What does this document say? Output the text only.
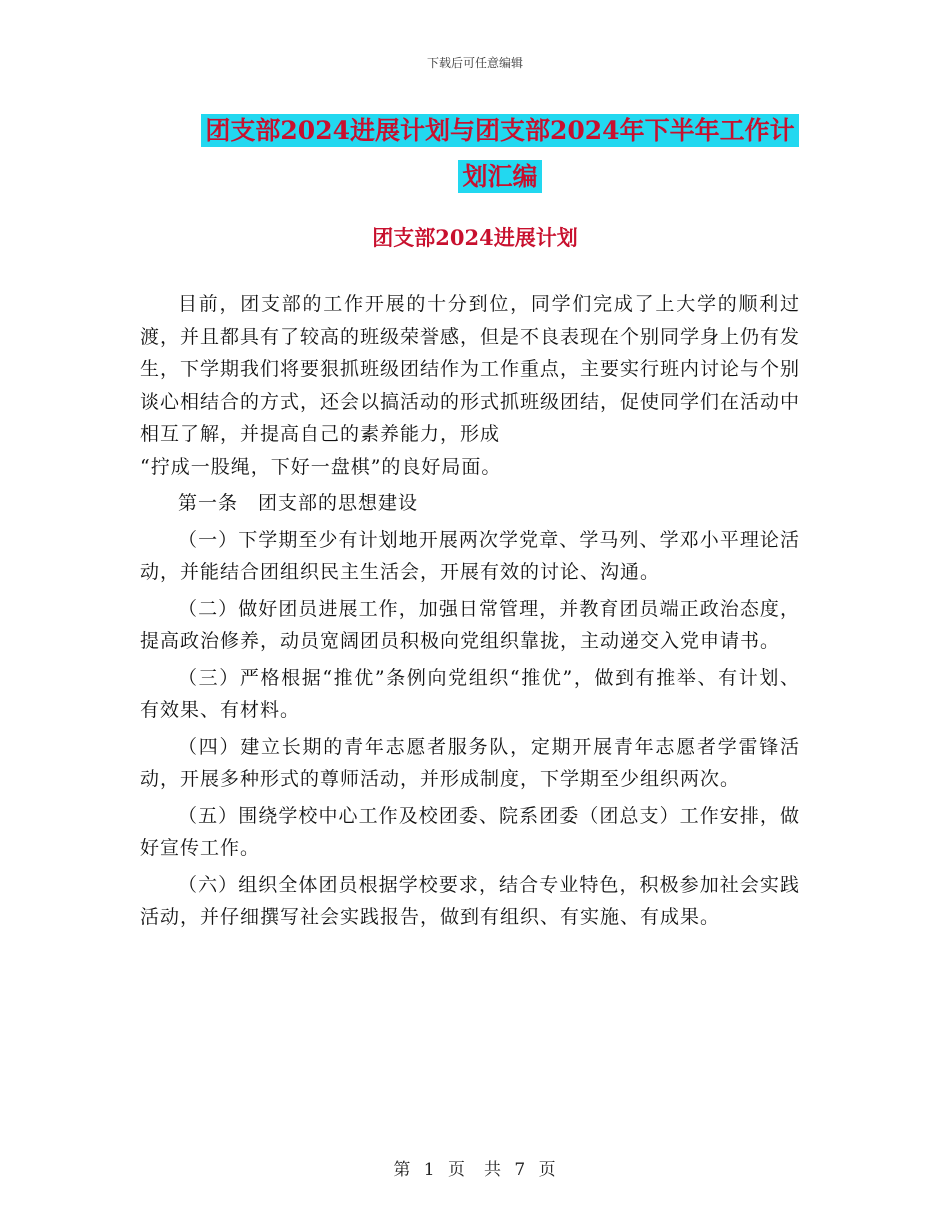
下载后可任意编辑
团支部2024进展计划与团支部2024年下半年工作计
划汇编
团支部2024进展计划

目前，团支部的工作开展的十分到位，同学们完成了上大学的顺利过渡，并且都具有了较高的班级荣誉感，但是不良表现在个别同学身上仍有发生，下学期我们将要狠抓班级团结作为工作重点，主要实行班内讨论与个别谈心相结合的方式，还会以搞活动的形式抓班级团结，促使同学们在活动中相互了解，并提高自己的素养能力，形成

“拧成一股绳，下好一盘棋”的良好局面。

第一条　团支部的思想建设

（一）下学期至少有计划地开展两次学党章、学马列、学邓小平理论活动，并能结合团组织民主生活会，开展有效的讨论、沟通。

（二）做好团员进展工作，加强日常管理，并教育团员端正政治态度，提高政治修养，动员宽阔团员积极向党组织靠拢，主动递交入党申请书。

（三）严格根据“推优”条例向党组织“推优”，做到有推举、有计划、有效果、有材料。

（四）建立长期的青年志愿者服务队，定期开展青年志愿者学雷锋活动，开展多种形式的尊师活动，并形成制度，下学期至少组织两次。

（五）围绕学校中心工作及校团委、院系团委（团总支）工作安排，做好宣传工作。

（六）组织全体团员根据学校要求，结合专业特色，积极参加社会实践活动，并仔细撰写社会实践报告，做到有组织、有实施、有成果。

第 1 页　共 7 页
